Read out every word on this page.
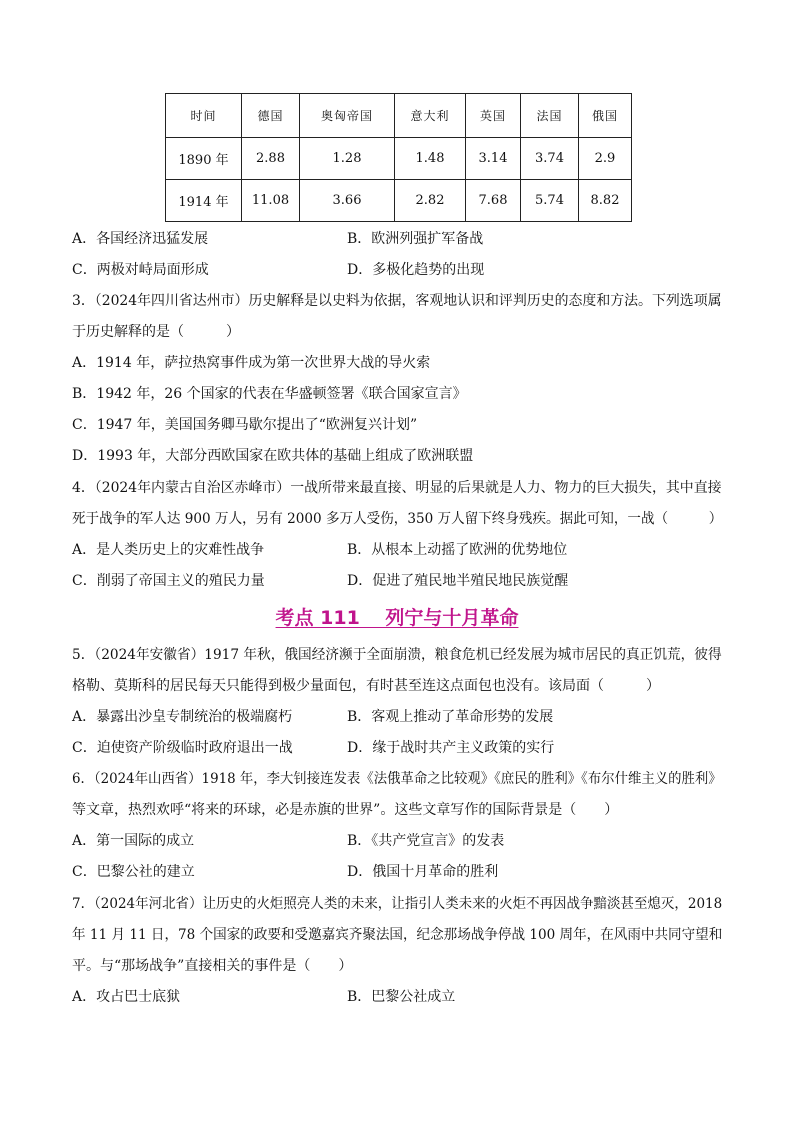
时间	德国	奥匈帝国	意大利	英国	法国	俄国
1890 年	2.88	1.28	1.48	3.14	3.74	2.9
1914 年	11.08	3.66	2.82	7.68	5.74	8.82
A．各国经济迅猛发展	B．欧洲列强扩军备战
C．两极对峙局面形成	D．多极化趋势的出现
3．（2024年四川省达州市）历史解释是以史料为依据，客观地认识和评判历史的态度和方法。下列选项属
于历史解释的是（　　　）
A．1914 年，萨拉热窝事件成为第一次世界大战的导火索
B．1942 年，26 个国家的代表在华盛顿签署《联合国家宣言》
C．1947 年，美国国务卿马歇尔提出了“欧洲复兴计划”
D．1993 年，大部分西欧国家在欧共体的基础上组成了欧洲联盟
4．（2024年内蒙古自治区赤峰市）一战所带来最直接、明显的后果就是人力、物力的巨大损失，其中直接
死于战争的军人达 900 万人，另有 2000 多万人受伤，350 万人留下终身残疾。据此可知，一战（　　　）
A．是人类历史上的灾难性战争	B．从根本上动摇了欧洲的优势地位
C．削弱了帝国主义的殖民力量	D．促进了殖民地半殖民地民族觉醒
考点 111　 列宁与十月革命
5．（2024年安徽省）1917 年秋，俄国经济濒于全面崩溃，粮食危机已经发展为城市居民的真正饥荒，彼得
格勒、莫斯科的居民每天只能得到极少量面包，有时甚至连这点面包也没有。该局面（　　　）
A．暴露出沙皇专制统治的极端腐朽	B．客观上推动了革命形势的发展
C．迫使资产阶级临时政府退出一战	D．缘于战时共产主义政策的实行
6．（2024年山西省）1918 年，李大钊接连发表《法俄革命之比较观》《庶民的胜利》《布尔什维主义的胜利》
等文章，热烈欢呼“将来的环球，必是赤旗的世界”。这些文章写作的国际背景是（　　）
A．第一国际的成立	B．《共产党宣言》的发表
C．巴黎公社的建立	D．俄国十月革命的胜利
7．（2024年河北省）让历史的火炬照亮人类的未来，让指引人类未来的火炬不再因战争黯淡甚至熄灭，2018
年 11 月 11 日，78 个国家的政要和受邀嘉宾齐聚法国，纪念那场战争停战 100 周年，在风雨中共同守望和
平。与“那场战争”直接相关的事件是（　　）
A．攻占巴士底狱	B．巴黎公社成立
